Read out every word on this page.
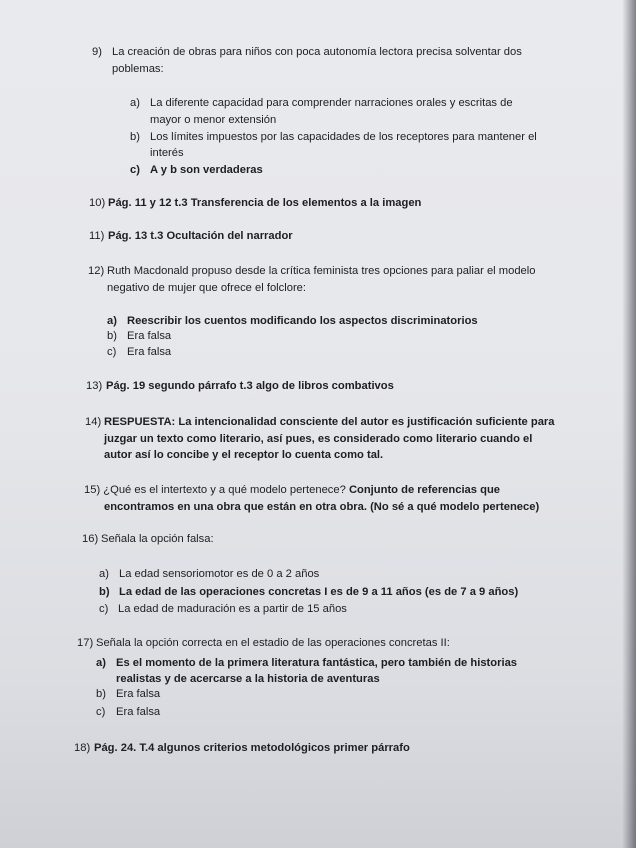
9) La creación de obras para niños con poca autonomía lectora precisa solventar dos
poblemas:
a) La diferente capacidad para comprender narraciones orales y escritas de
mayor o menor extensión
b) Los límites impuestos por las capacidades de los receptores para mantener el
interés
c) A y b son verdaderas
10) Pág. 11 y 12 t.3 Transferencia de los elementos a la imagen
11) Pág. 13 t.3 Ocultación del narrador
12) Ruth Macdonald propuso desde la crítica feminista tres opciones para paliar el modelo
negativo de mujer que ofrece el folclore:
a) Reescribir los cuentos modificando los aspectos discriminatorios
b) Era falsa
c) Era falsa
13) Pág. 19 segundo párrafo t.3 algo de libros combativos
14) RESPUESTA: La intencionalidad consciente del autor es justificación suficiente para
juzgar un texto como literario, así pues, es considerado como literario cuando el
autor así lo concibe y el receptor lo cuenta como tal.
15) ¿Qué es el intertexto y a qué modelo pertenece? Conjunto de referencias que
encontramos en una obra que están en otra obra. (No sé a qué modelo pertenece)
16) Señala la opción falsa:
a) La edad sensoriomotor es de 0 a 2 años
b) La edad de las operaciones concretas I es de 9 a 11 años (es de 7 a 9 años)
c) La edad de maduración es a partir de 15 años
17) Señala la opción correcta en el estadio de las operaciones concretas II:
a) Es el momento de la primera literatura fantástica, pero también de historias
realistas y de acercarse a la historia de aventuras
b) Era falsa
c) Era falsa
18) Pág. 24. T.4 algunos criterios metodológicos primer párrafo
